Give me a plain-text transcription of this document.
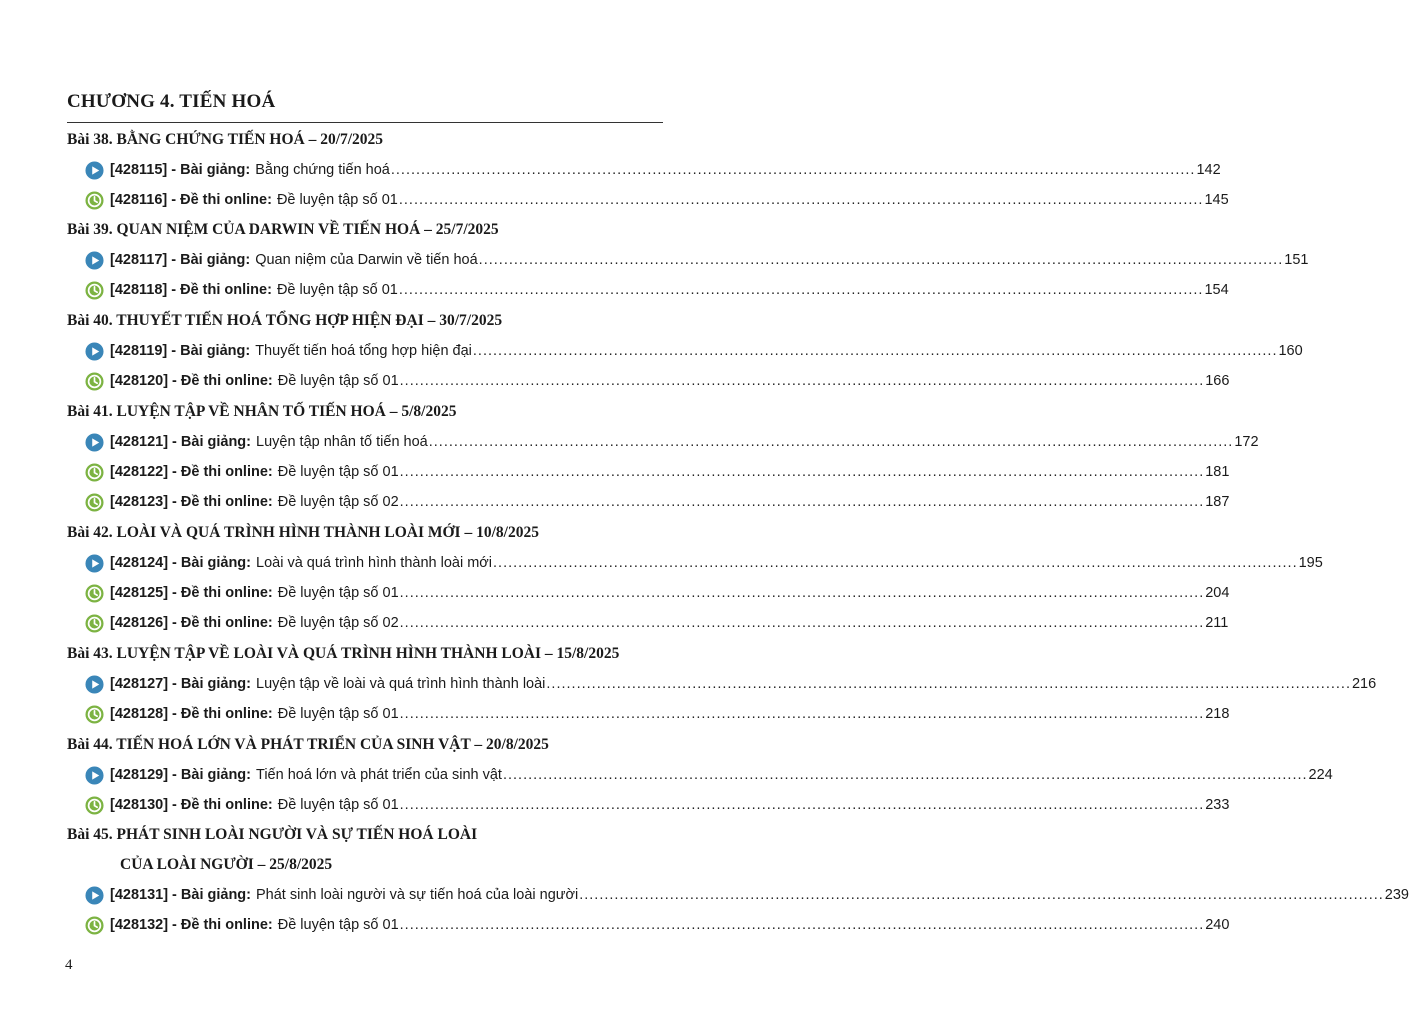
CHƯƠNG 4. TIẾN HOÁ
Bài 38. BẰNG CHỨNG TIẾN HOÁ – 20/7/2025
[428115] - Bài giảng: Bằng chứng tiến hoá ................................................................................................................................................................ 142
[428116] - Đề thi online: Đề luyện tập số 01 ................................................................................................................................................................ 145
Bài 39. QUAN NIỆM CỦA DARWIN VỀ TIẾN HOÁ – 25/7/2025
[428117] - Bài giảng: Quan niệm của Darwin về tiến hoá ................................................................................................................................................................ 151
[428118] - Đề thi online: Đề luyện tập số 01 ................................................................................................................................................................ 154
Bài 40. THUYẾT TIẾN HOÁ TỔNG HỢP HIỆN ĐẠI – 30/7/2025
[428119] - Bài giảng: Thuyết tiến hoá tổng hợp hiện đại ................................................................................................................................................................ 160
[428120] - Đề thi online: Đề luyện tập số 01 ................................................................................................................................................................ 166
Bài 41. LUYỆN TẬP VỀ NHÂN TỐ TIẾN HOÁ – 5/8/2025
[428121] - Bài giảng: Luyện tập nhân tố tiến hoá ................................................................................................................................................................ 172
[428122] - Đề thi online: Đề luyện tập số 01 ................................................................................................................................................................ 181
[428123] - Đề thi online: Đề luyện tập số 02 ................................................................................................................................................................ 187
Bài 42. LOÀI VÀ QUÁ TRÌNH HÌNH THÀNH LOÀI MỚI – 10/8/2025
[428124] - Bài giảng: Loài và quá trình hình thành loài mới ................................................................................................................................................................ 195
[428125] - Đề thi online: Đề luyện tập số 01 ................................................................................................................................................................ 204
[428126] - Đề thi online: Đề luyện tập số 02 ................................................................................................................................................................ 211
Bài 43. LUYỆN TẬP VỀ LOÀI VÀ QUÁ TRÌNH HÌNH THÀNH LOÀI – 15/8/2025
[428127] - Bài giảng: Luyện tập về loài và quá trình hình thành loài ................................................................................................................................................................ 216
[428128] - Đề thi online: Đề luyện tập số 01 ................................................................................................................................................................ 218
Bài 44. TIẾN HOÁ LỚN VÀ PHÁT TRIỂN CỦA SINH VẬT – 20/8/2025
[428129] - Bài giảng: Tiến hoá lớn và phát triển của sinh vật ................................................................................................................................................................ 224
[428130] - Đề thi online: Đề luyện tập số 01 ................................................................................................................................................................ 233
Bài 45. PHÁT SINH LOÀI NGƯỜI VÀ SỰ TIẾN HOÁ LOÀI
CỦA LOÀI NGƯỜI – 25/8/2025
[428131] - Bài giảng: Phát sinh loài người và sự tiến hoá của loài người ................................................................................................................................................................ 239
[428132] - Đề thi online: Đề luyện tập số 01 ................................................................................................................................................................ 240
4
